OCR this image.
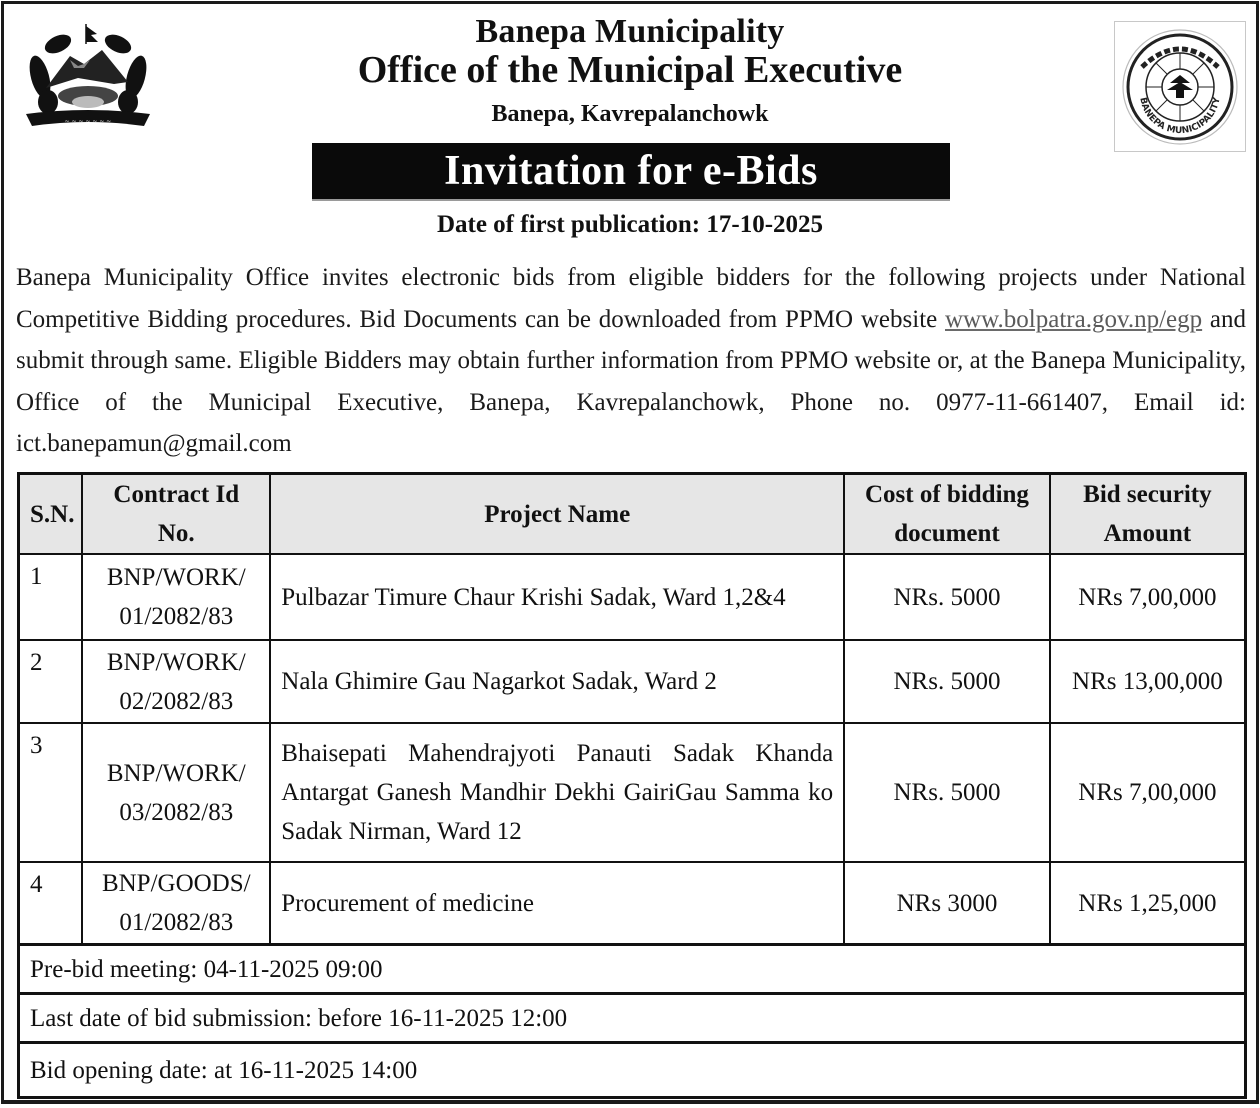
~ ~ ~ ~ ~ ~ ~
Banepa Municipality
Office of the Municipal Executive
Banepa, Kavrepalanchowk
BANEPA MUNICIPALITY
Invitation for e-Bids
Date of first publication: 17-10-2025
Banepa Municipality Office invites electronic bids from eligible bidders for the following projects under National Competitive Bidding procedures. Bid Documents can be downloaded from PPMO website www.bolpatra.gov.np/egp and submit through same. Eligible Bidders may obtain further information from PPMO website or, at the Banepa Municipality, Office of the Municipal Executive, Banepa, Kavrepalanchowk, Phone no. 0977-11-661407, Email id: ict.banepamun@gmail.com
S.N.	Contract Id No.	Project Name	Cost of bidding document	Bid security Amount
1	BNP/WORK/
01/2082/83	Pulbazar Timure Chaur Krishi Sadak, Ward 1,2&4	NRs. 5000	NRs 7,00,000
2	BNP/WORK/
02/2082/83	Nala Ghimire Gau Nagarkot Sadak, Ward 2	NRs. 5000	NRs 13,00,000
3	BNP/WORK/
03/2082/83	Bhaisepati Mahendrajyoti Panauti Sadak Khanda Antargat Ganesh Mandhir Dekhi GairiGau Samma ko Sadak Nirman, Ward 12	NRs. 5000	NRs 7,00,000
4	BNP/GOODS/
01/2082/83	Procurement of medicine	NRs 3000	NRs 1,25,000
Pre-bid meeting: 04-11-2025 09:00				
Last date of bid submission: before 16-11-2025 12:00				
Bid opening date: at 16-11-2025 14:00				
